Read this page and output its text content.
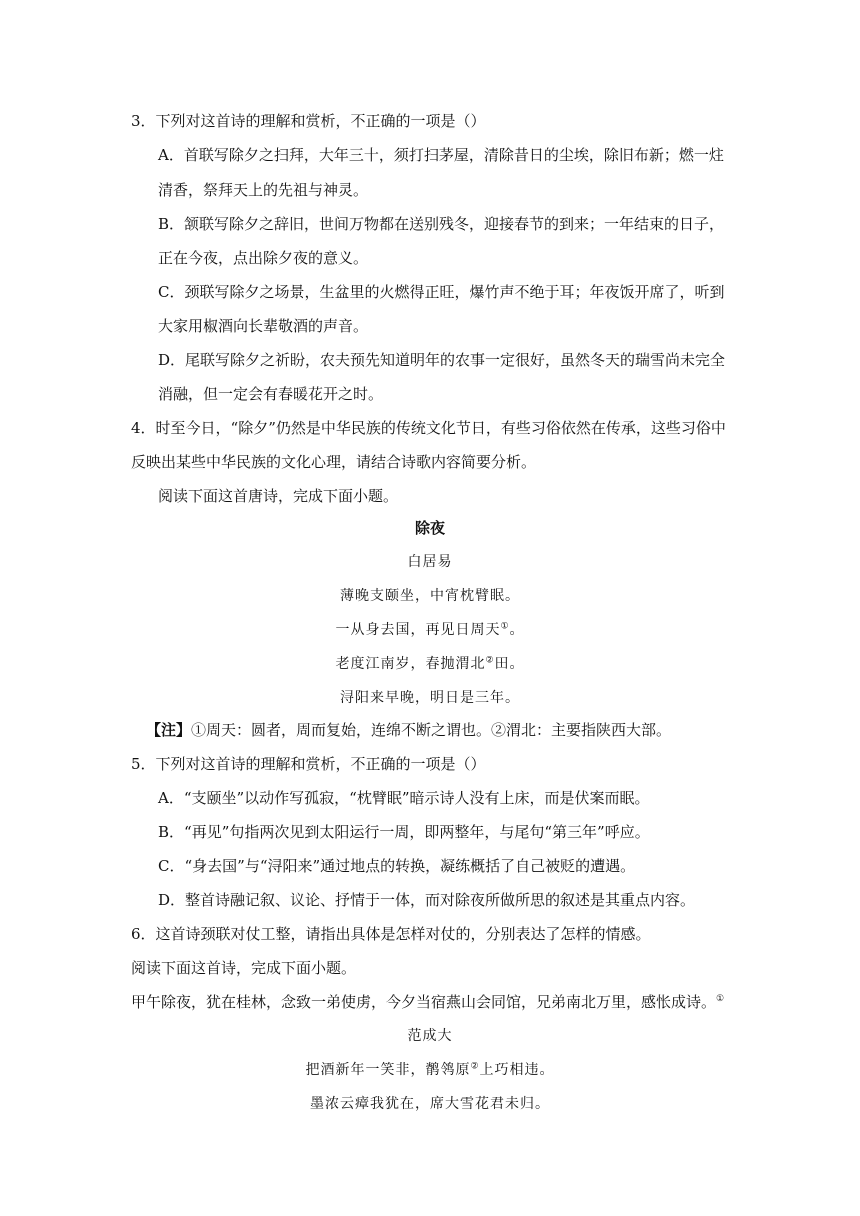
3．下列对这首诗的理解和赏析，不正确的一项是（）
A．首联写除夕之扫拜，大年三十，须打扫茅屋，清除昔日的尘埃，除旧布新；燃一炷
清香，祭拜天上的先祖与神灵。
B．颔联写除夕之辞旧，世间万物都在送别残冬，迎接春节的到来；一年结束的日子，
正在今夜，点出除夕夜的意义。
C．颈联写除夕之场景，生盆里的火燃得正旺，爆竹声不绝于耳；年夜饭开席了，听到
大家用椒酒向长辈敬酒的声音。
D．尾联写除夕之祈盼，农夫预先知道明年的农事一定很好，虽然冬天的瑞雪尚未完全
消融，但一定会有春暖花开之时。
4．时至今日，“除夕”仍然是中华民族的传统文化节日，有些习俗依然在传承，这些习俗中
反映出某些中华民族的文化心理，请结合诗歌内容简要分析。
阅读下面这首唐诗，完成下面小题。
除夜
白居易
薄晚支颐坐，中宵枕臂眠。
一从身去国，再见日周天①。
老度江南岁，春抛渭北②田。
浔阳来早晚，明日是三年。
【注】①周天：圆者，周而复始，连绵不断之谓也。②渭北：主要指陕西大部。
5．下列对这首诗的理解和赏析，不正确的一项是（）
A．“支颐坐”以动作写孤寂，“枕臂眠”暗示诗人没有上床，而是伏案而眠。
B．“再见”句指两次见到太阳运行一周，即两整年，与尾句“第三年”呼应。
C．“身去国”与“浔阳来”通过地点的转换，凝练概括了自己被贬的遭遇。
D．整首诗融记叙、议论、抒情于一体，而对除夜所做所思的叙述是其重点内容。
6．这首诗颈联对仗工整，请指出具体是怎样对仗的，分别表达了怎样的情感。
阅读下面这首诗，完成下面小题。
甲午除夜，犹在桂林，念致一弟使虏，今夕当宿燕山会同馆，兄弟南北万里，感怅成诗。①
范成大
把酒新年一笑非，鹡鸰原②上巧相违。
墨浓云瘴我犹在，席大雪花君未归。
